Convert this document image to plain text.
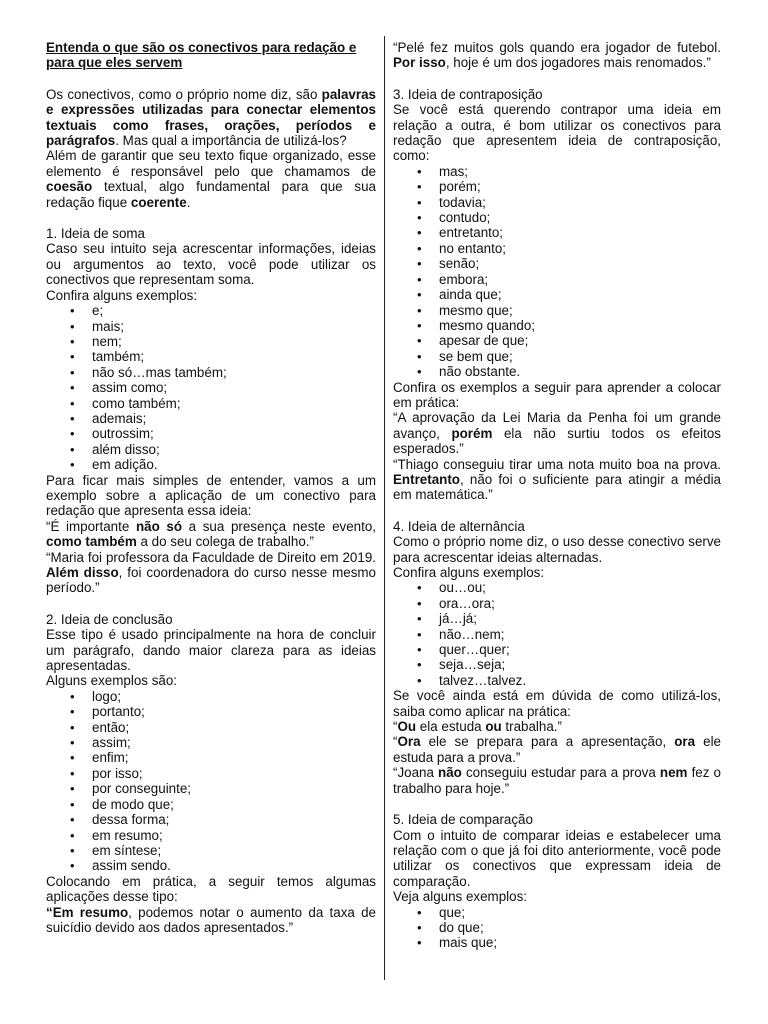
Entenda o que são os conectivos para redação e para que eles servem

Os conectivos, como o próprio nome diz, são palavras e expressões utilizadas para conectar elementos textuais como frases, orações, períodos e parágrafos. Mas qual a importância de utilizá-los?

Além de garantir que seu texto fique organizado, esse elemento é responsável pelo que chamamos de coesão textual, algo fundamental para que sua redação fique coerente.

1. Ideia de soma

Caso seu intuito seja acrescentar informações, ideias ou argumentos ao texto, você pode utilizar os conectivos que representam soma.

Confira alguns exemplos:

• e;
• mais;
• nem;
• também;
• não só…mas também;
• assim como;
• como também;
• ademais;
• outrossim;
• além disso;
• em adição.

Para ficar mais simples de entender, vamos a um exemplo sobre a aplicação de um conectivo para redação que apresenta essa ideia:

“É importante não só a sua presença neste evento, como também a do seu colega de trabalho.”

“Maria foi professora da Faculdade de Direito em 2019. Além disso, foi coordenadora do curso nesse mesmo período.”

2. Ideia de conclusão

Esse tipo é usado principalmente na hora de concluir um parágrafo, dando maior clareza para as ideias apresentadas.

Alguns exemplos são:

• logo;
• portanto;
• então;
• assim;
• enfim;
• por isso;
• por conseguinte;
• de modo que;
• dessa forma;
• em resumo;
• em síntese;
• assim sendo.

Colocando em prática, a seguir temos algumas aplicações desse tipo:

“Em resumo, podemos notar o aumento da taxa de suicídio devido aos dados apresentados.”

“Pelé fez muitos gols quando era jogador de futebol. Por isso, hoje é um dos jogadores mais renomados.”

3. Ideia de contraposição

Se você está querendo contrapor uma ideia em relação a outra, é bom utilizar os conectivos para redação que apresentem ideia de contraposição, como:

• mas;
• porém;
• todavia;
• contudo;
• entretanto;
• no entanto;
• senão;
• embora;
• ainda que;
• mesmo que;
• mesmo quando;
• apesar de que;
• se bem que;
• não obstante.

Confira os exemplos a seguir para aprender a colocar em prática:

“A aprovação da Lei Maria da Penha foi um grande avanço, porém ela não surtiu todos os efeitos esperados.”

“Thiago conseguiu tirar uma nota muito boa na prova. Entretanto, não foi o suficiente para atingir a média em matemática.”

4. Ideia de alternância

Como o próprio nome diz, o uso desse conectivo serve para acrescentar ideias alternadas.

Confira alguns exemplos:

• ou…ou;
• ora…ora;
• já…já;
• não…nem;
• quer…quer;
• seja…seja;
• talvez…talvez.

Se você ainda está em dúvida de como utilizá-los, saiba como aplicar na prática:

“Ou ela estuda ou trabalha.”

“Ora ele se prepara para a apresentação, ora ele estuda para a prova.”

“Joana não conseguiu estudar para a prova nem fez o trabalho para hoje.”

5. Ideia de comparação

Com o intuito de comparar ideias e estabelecer uma relação com o que já foi dito anteriormente, você pode utilizar os conectivos que expressam ideia de comparação.

Veja alguns exemplos:

• que;
• do que;
• mais que;
